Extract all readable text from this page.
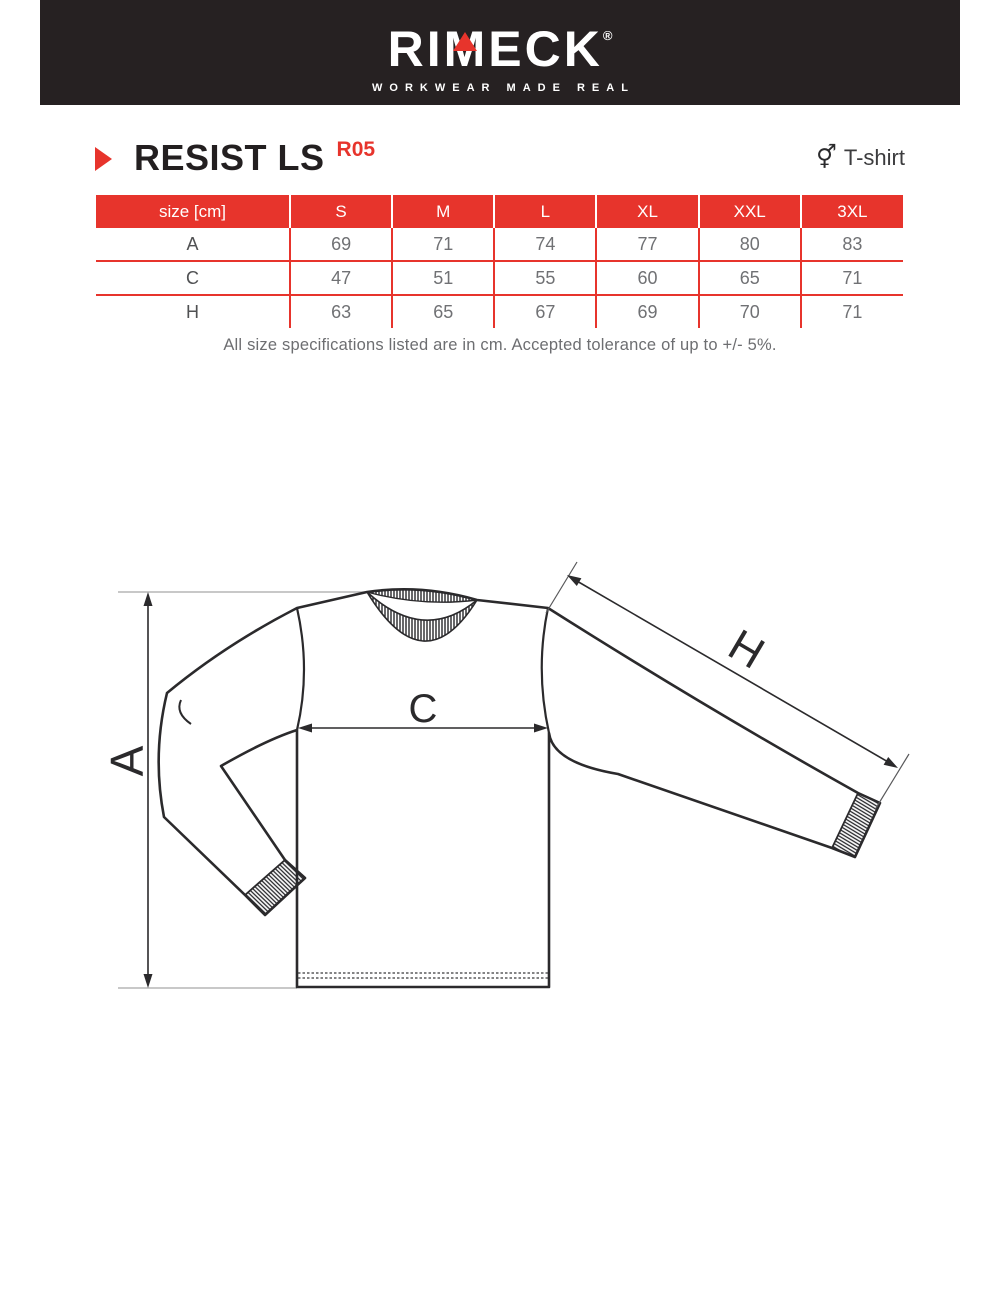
RIMECK®
WORKWEAR MADE REAL
RESIST LS R05	⚥ T-shirt
size [cm]	S	M	L	XL	XXL	3XL
A	69	71	74	77	80	83
C	47	51	55	60	65	71
H	63	65	67	69	70	71

All size specifications listed are in cm. Accepted tolerance of up to +/- 5%.

A
C
H
